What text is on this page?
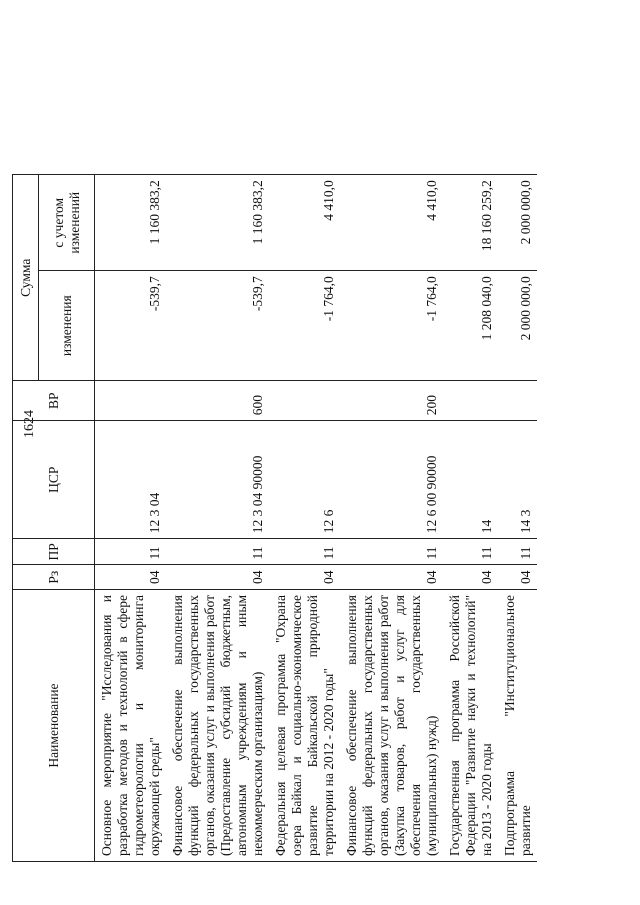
1624
Наименование	Рз	ПР	ЦСР	ВР	Сумма	
					изменения	с учетом изменений
Основное мероприятие "Исследования и разработка методов и технологий в сфере гидрометеорологии и мониторинга окружающей среды"	04	11	12 3 04		-539,7	1 160 383,2
Финансовое обеспечение выполнения функций федеральных государственных органов, оказания услуг и выполнения работ (Предоставление субсидий бюджетным, автономным учреждениям и иным некоммерческим организациям)	04	11	12 3 04 90000	600	-539,7	1 160 383,2
Федеральная целевая программа "Охрана озера Байкал и социально-экономическое развитие Байкальской природной территории на 2012 - 2020 годы"	04	11	12 6		-1 764,0	4 410,0
Финансовое обеспечение выполнения функций федеральных государственных органов, оказания услуг и выполнения работ (Закупка товаров, работ и услуг для обеспечения государственных (муниципальных) нужд)	04	11	12 6 00 90000	200	-1 764,0	4 410,0
Государственная программа Российской Федерации "Развитие науки и технологий" на 2013 - 2020 годы	04	11	14		1 208 040,0	18 160 259,2
Подпрограмма "Институциональное развитие	04	11	14 3		2 000 000,0	2 000 000,0
